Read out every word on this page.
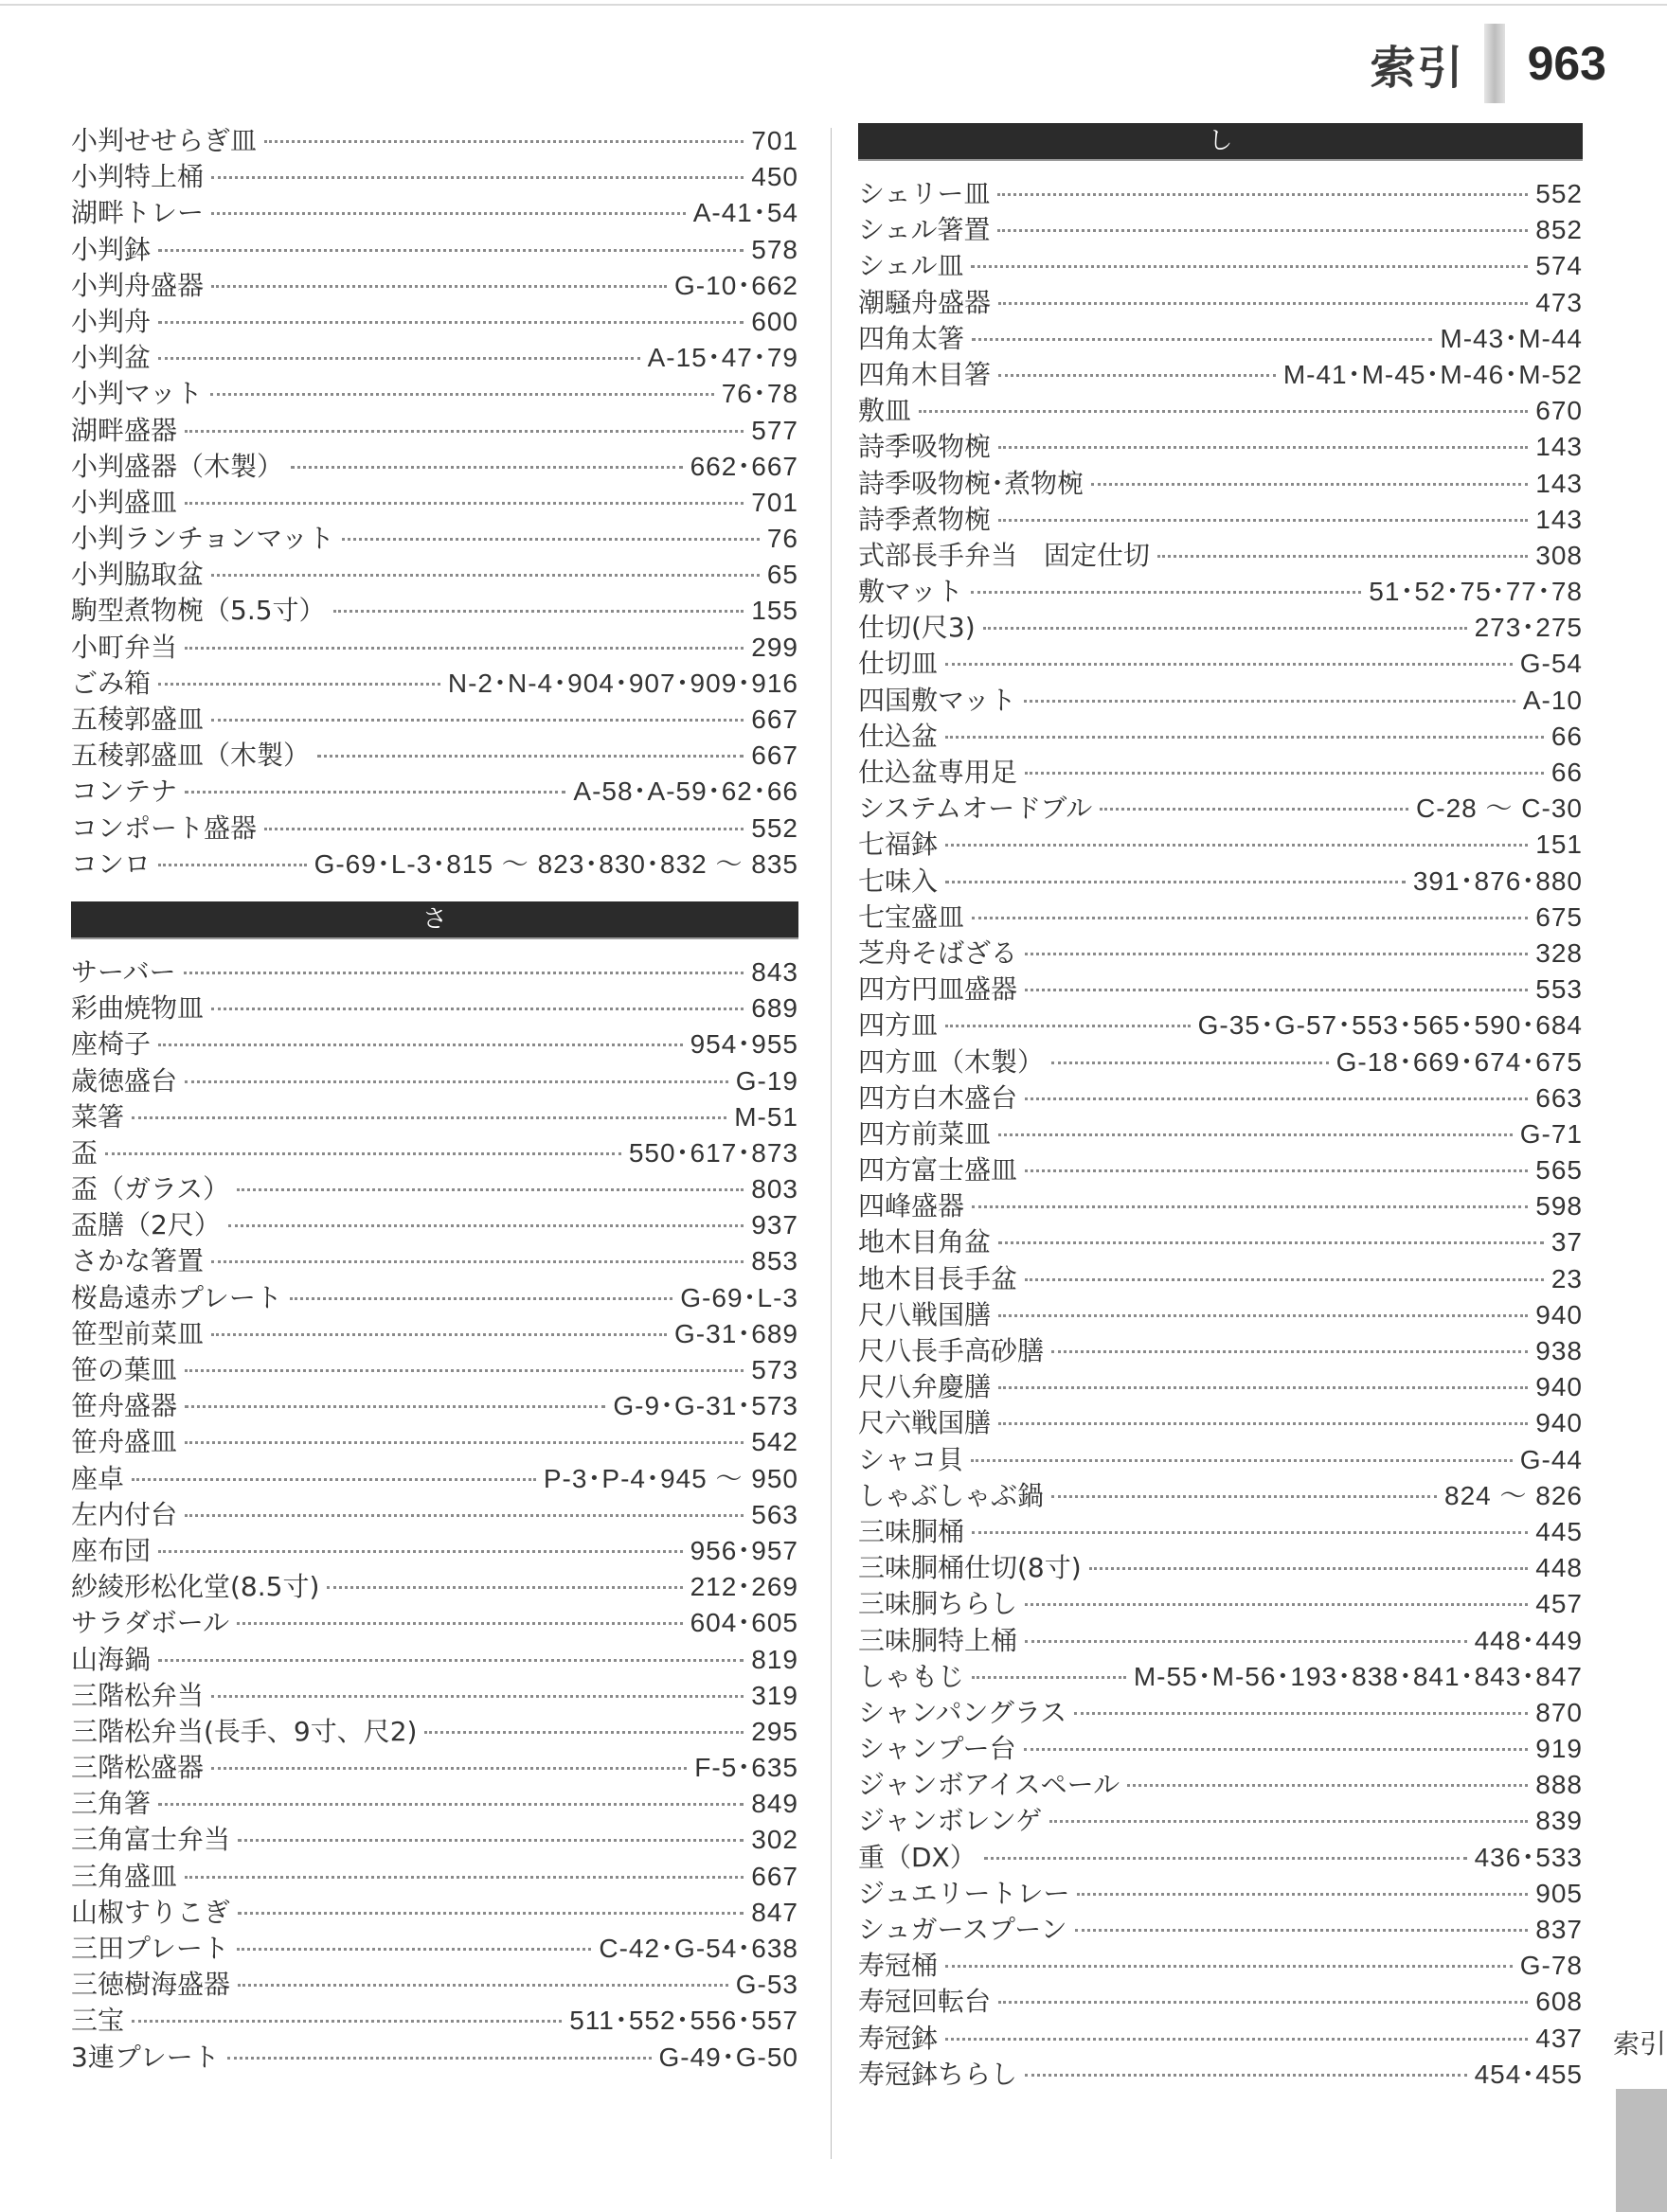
索引 963
小判せせらぎ皿	701
小判特上桶	450
湖畔トレー	A-41･54
小判鉢	578
小判舟盛器	G-10･662
小判舟	600
小判盆	A-15･47･79
小判マット	76･78
湖畔盛器	577
小判盛器（木製）	662･667
小判盛皿	701
小判ランチョンマット	76
小判脇取盆	65
駒型煮物椀（5.5寸）	155
小町弁当	299
ごみ箱	N-2･N-4･904･907･909･916
五稜郭盛皿	667
五稜郭盛皿（木製）	667
コンテナ	A-58･A-59･62･66
コンポート盛器	552
コンロ	G-69･L-3･815 ～ 823･830･832 ～ 835
さ
サーバー	843
彩曲焼物皿	689
座椅子	954･955
歳徳盛台	G-19
菜箸	M-51
盃	550･617･873
盃（ガラス）	803
盃膳（2尺）	937
さかな箸置	853
桜島遠赤プレート	G-69･L-3
笹型前菜皿	G-31･689
笹の葉皿	573
笹舟盛器	G-9･G-31･573
笹舟盛皿	542
座卓	P-3･P-4･945 ～ 950
左内付台	563
座布団	956･957
紗綾形松化堂(8.5寸)	212･269
サラダボール	604･605
山海鍋	819
三階松弁当	319
三階松弁当(長手、9寸、尺2)	295
三階松盛器	F-5･635
三角箸	849
三角富士弁当	302
三角盛皿	667
山椒すりこぎ	847
三田プレート	C-42･G-54･638
三徳樹海盛器	G-53
三宝	511･552･556･557
3連プレート	G-49･G-50
し
シェリー皿	552
シェル箸置	852
シェル皿	574
潮騒舟盛器	473
四角太箸	M-43･M-44
四角木目箸	M-41･M-45･M-46･M-52
敷皿	670
詩季吸物椀	143
詩季吸物椀･煮物椀	143
詩季煮物椀	143
式部長手弁当　固定仕切	308
敷マット	51･52･75･77･78
仕切(尺3)	273･275
仕切皿	G-54
四国敷マット	A-10
仕込盆	66
仕込盆専用足	66
システムオードブル	C-28 ～ C-30
七福鉢	151
七味入	391･876･880
七宝盛皿	675
芝舟そばざる	328
四方円皿盛器	553
四方皿	G-35･G-57･553･565･590･684
四方皿（木製）	G-18･669･674･675
四方白木盛台	663
四方前菜皿	G-71
四方富士盛皿	565
四峰盛器	598
地木目角盆	37
地木目長手盆	23
尺八戦国膳	940
尺八長手高砂膳	938
尺八弁慶膳	940
尺六戦国膳	940
シャコ貝	G-44
しゃぶしゃぶ鍋	824 ～ 826
三味胴桶	445
三味胴桶仕切(8寸)	448
三味胴ちらし	457
三味胴特上桶	448･449
しゃもじ	M-55･M-56･193･838･841･843･847
シャンパングラス	870
シャンプー台	919
ジャンボアイスペール	888
ジャンボレンゲ	839
重（DX）	436･533
ジュエリートレー	905
シュガースプーン	837
寿冠桶	G-78
寿冠回転台	608
寿冠鉢	437
寿冠鉢ちらし	454･455
索引
